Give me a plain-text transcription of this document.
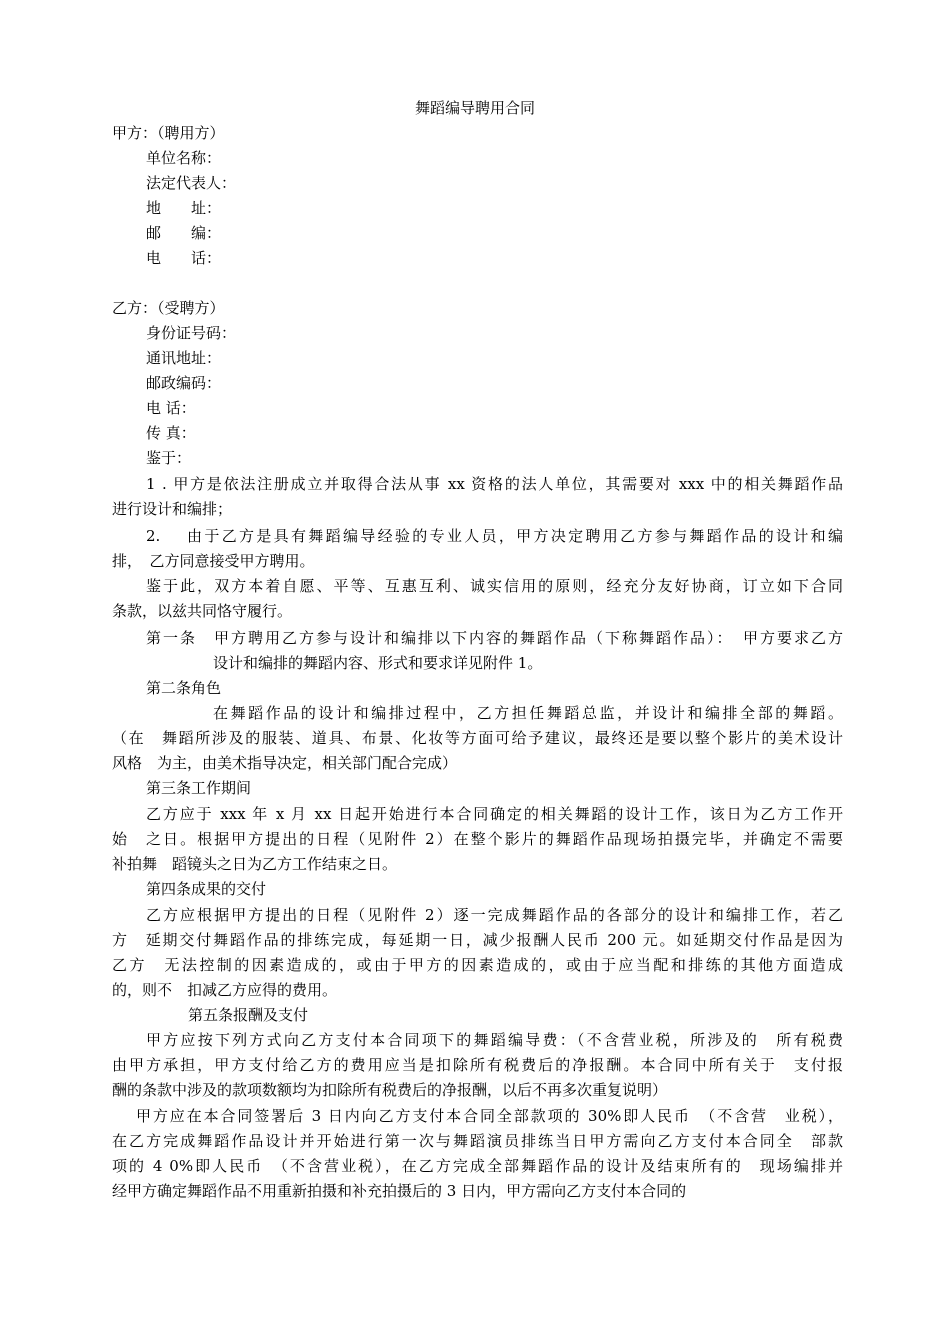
舞蹈编导聘用合同
甲方：（聘用方）
单位名称：
法定代表人：
地　　址：
邮　　编：
电　　话：
乙方：（受聘方）
身份证号码：
通讯地址：
邮政编码：
电 话：
传 真：
鉴于：
1 . 甲方是依法注册成立并取得合法从事 xx 资格的法人单位，其需要对 xxx 中的相关舞蹈作品
进行设计和编排；
2.　 由于乙方是具有舞蹈编导经验的专业人员，甲方决定聘用乙方参与舞蹈作品的设计和编
排，　乙方同意接受甲方聘用。
鉴于此，双方本着自愿、平等、互惠互利、诚实信用的原则，经充分友好协商，订立如下合同
条款，以兹共同恪守履行。
第一条　甲方聘用乙方参与设计和编排以下内容的舞蹈作品（下称舞蹈作品）：　甲方要求乙方
设计和编排的舞蹈内容、形式和要求详见附件 1。
第二条角色
在舞蹈作品的设计和编排过程中，乙方担任舞蹈总监，并设计和编排全部的舞蹈。
（在　舞蹈所涉及的服装、道具、布景、化妆等方面可给予建议，最终还是要以整个影片的美术设计
风格　为主，由美术指导决定，相关部门配合完成）
第三条工作期间
乙方应于 xxx 年 x 月 xx 日起开始进行本合同确定的相关舞蹈的设计工作，该日为乙方工作开
始　之日。根据甲方提出的日程（见附件 2）在整个影片的舞蹈作品现场拍摄完毕，并确定不需要
补拍舞　蹈镜头之日为乙方工作结束之日。
第四条成果的交付
乙方应根据甲方提出的日程（见附件 2）逐一完成舞蹈作品的各部分的设计和编排工作，若乙
方　延期交付舞蹈作品的排练完成，每延期一日，减少报酬人民币 200 元。如延期交付作品是因为
乙方　无法控制的因素造成的，或由于甲方的因素造成的，或由于应当配和排练的其他方面造成
的，则不　扣减乙方应得的费用。
第五条报酬及支付
甲方应按下列方式向乙方支付本合同项下的舞蹈编导费：（不含营业税，所涉及的　所有税费
由甲方承担，甲方支付给乙方的费用应当是扣除所有税费后的净报酬。本合同中所有关于　支付报
酬的条款中涉及的款项数额均为扣除所有税费后的净报酬，以后不再多次重复说明）
甲方应在本合同签署后 3 日内向乙方支付本合同全部款项的 30%即人民币　（不含营　业税），
在乙方完成舞蹈作品设计并开始进行第一次与舞蹈演员排练当日甲方需向乙方支付本合同全　部款
项的 4 0%即人民币　（不含营业税），在乙方完成全部舞蹈作品的设计及结束所有的　现场编排并
经甲方确定舞蹈作品不用重新拍摄和补充拍摄后的 3 日内，甲方需向乙方支付本合同的
